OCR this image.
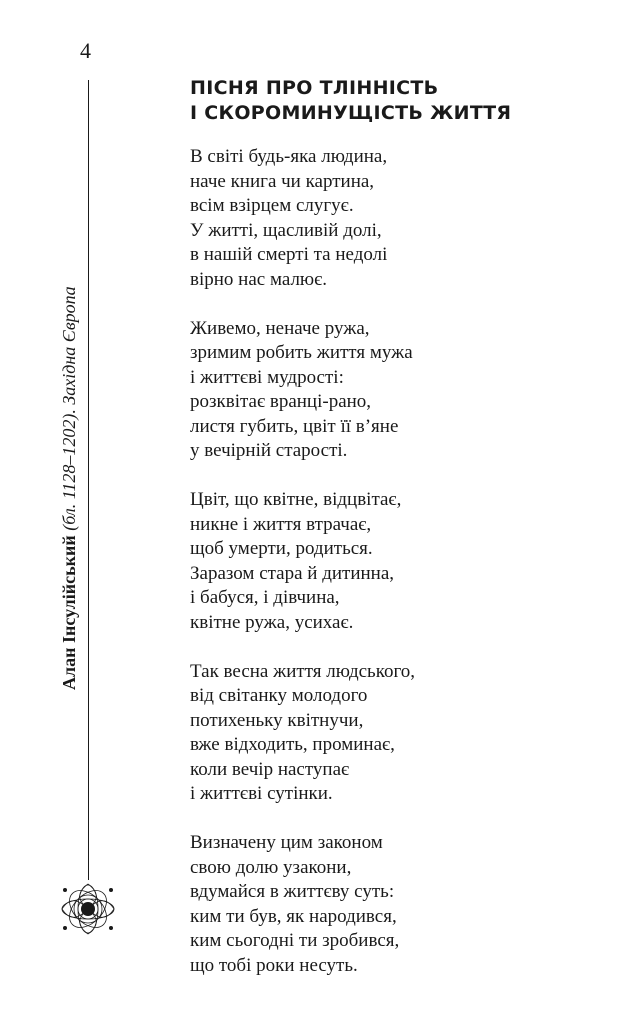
4
Алан Інсулійський (бл. 1128–1202). Західна Європа
ПІСНЯ ПРО ТЛІННІСТЬ
І СКОРОМИНУЩІСТЬ ЖИТТЯ
В світі будь-яка людина,
наче книга чи картина,
всім взірцем слугує.
У житті, щасливій долі,
в нашій смерті та недолі
вірно нас малює.
Живемо, неначе ружа,
зримим робить життя мужа
і життєві мудрості:
розквітає вранці-рано,
листя губить, цвіт її в’яне
у вечірній старості.
Цвіт, що квітне, відцвітає,
никне і життя втрачає,
щоб умерти, родиться.
Заразом стара й дитинна,
і бабуся, і дівчина,
квітне ружа, усихає.
Так весна життя людського,
від світанку молодого
потихеньку квітнучи,
вже відходить, проминає,
коли вечір наступає
і життєві сутінки.
Визначену цим законом
свою долю узакони,
вдумайся в життєву суть:
ким ти був, як народився,
ким сьогодні ти зробився,
що тобі роки несуть.
